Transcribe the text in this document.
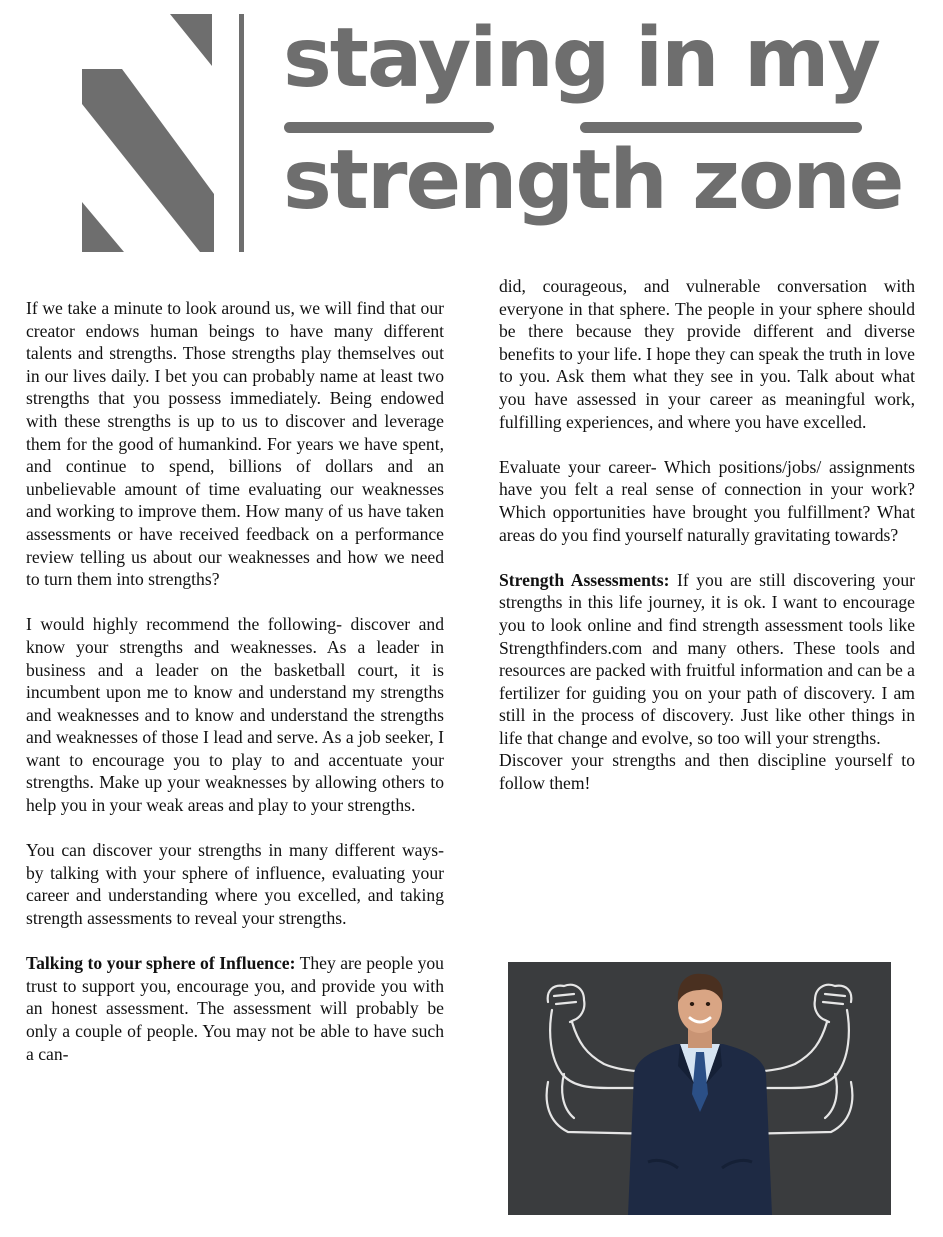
staying in my
strength zone

If we take a minute to look around us, we will find that our creator endows human beings to have many different talents and strengths. Those strengths play themselves out in our lives daily. I bet you can probably name at least two strengths that you possess immediately. Being endowed with these strengths is up to us to discover and leverage them for the good of humankind. For years we have spent, and continue to spend, billions of dollars and an unbelievable amount of time evaluating our weaknesses and working to improve them. How many of us have taken assessments or have received feedback on a performance review telling us about our weaknesses and how we need to turn them into strengths?

I would highly recommend the following- discover and know your strengths and weaknesses. As a leader in business and a leader on the basketball court, it is incumbent upon me to know and understand my strengths and weaknesses and to know and understand the strengths and weaknesses of those I lead and serve. As a job seeker, I want to encourage you to play to and accentuate your strengths. Make up your weaknesses by allowing others to help you in your weak areas and play to your strengths.

You can discover your strengths in many different ways- by talking with your sphere of influence, evaluating your career and understanding where you excelled, and taking strength assessments to reveal your strengths.

Talking to your sphere of Influence: They are people you trust to support you, encourage you, and provide you with an honest assessment. The assessment will probably be only a couple of people. You may not be able to have such a can-

did, courageous, and vulnerable conversation with everyone in that sphere. The people in your sphere should be there because they provide different and diverse benefits to your life. I hope they can speak the truth in love to you. Ask them what they see in you. Talk about what you have assessed in your career as meaningful work, fulfilling experiences, and where you have excelled.

Evaluate your career- Which positions/jobs/ assignments have you felt a real sense of connection in your work? Which opportunities have brought you fulfillment? What areas do you find yourself naturally gravitating towards?

Strength Assessments: If you are still discovering your strengths in this life journey, it is ok. I want to encourage you to look online and find strength assessment tools like Strengthfinders.com and many others. These tools and resources are packed with fruitful information and can be a fertilizer for guiding you on your path of discovery. I am still in the process of discovery. Just like other things in life that change and evolve, so too will your strengths.

Discover your strengths and then discipline yourself to follow them!
